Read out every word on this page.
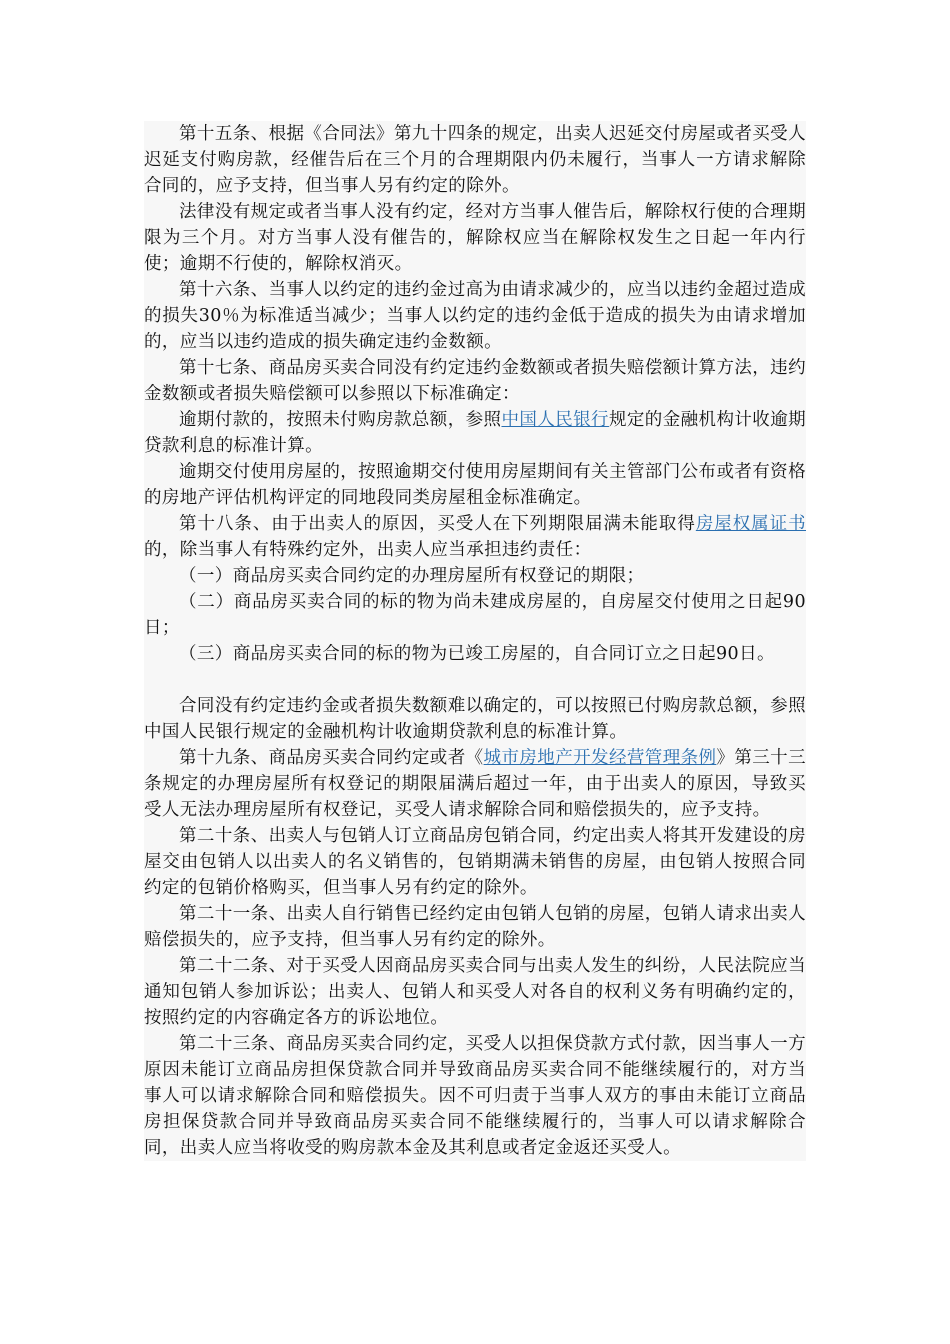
第十五条、根据《合同法》第九十四条的规定，出卖人迟延交付房屋或者买受人迟延支付购房款，经催告后在三个月的合理期限内仍未履行，当事人一方请求解除合同的，应予支持，但当事人另有约定的除外。

法律没有规定或者当事人没有约定，经对方当事人催告后，解除权行使的合理期限为三个月。对方当事人没有催告的，解除权应当在解除权发生之日起一年内行使；逾期不行使的，解除权消灭。

第十六条、当事人以约定的违约金过高为由请求减少的，应当以违约金超过造成的损失30％为标准适当减少；当事人以约定的违约金低于造成的损失为由请求增加的，应当以违约造成的损失确定违约金数额。

第十七条、商品房买卖合同没有约定违约金数额或者损失赔偿额计算方法，违约金数额或者损失赔偿额可以参照以下标准确定：

逾期付款的，按照未付购房款总额，参照中国人民银行规定的金融机构计收逾期贷款利息的标准计算。

逾期交付使用房屋的，按照逾期交付使用房屋期间有关主管部门公布或者有资格的房地产评估机构评定的同地段同类房屋租金标准确定。

第十八条、由于出卖人的原因，买受人在下列期限届满未能取得房屋权属证书的，除当事人有特殊约定外，出卖人应当承担违约责任：

（一）商品房买卖合同约定的办理房屋所有权登记的期限；

（二）商品房买卖合同的标的物为尚未建成房屋的，自房屋交付使用之日起90日；

（三）商品房买卖合同的标的物为已竣工房屋的，自合同订立之日起90日。

合同没有约定违约金或者损失数额难以确定的，可以按照已付购房款总额，参照中国人民银行规定的金融机构计收逾期贷款利息的标准计算。

第十九条、商品房买卖合同约定或者《城市房地产开发经营管理条例》第三十三条规定的办理房屋所有权登记的期限届满后超过一年，由于出卖人的原因，导致买受人无法办理房屋所有权登记，买受人请求解除合同和赔偿损失的，应予支持。

第二十条、出卖人与包销人订立商品房包销合同，约定出卖人将其开发建设的房屋交由包销人以出卖人的名义销售的，包销期满未销售的房屋，由包销人按照合同约定的包销价格购买，但当事人另有约定的除外。

第二十一条、出卖人自行销售已经约定由包销人包销的房屋，包销人请求出卖人赔偿损失的，应予支持，但当事人另有约定的除外。

第二十二条、对于买受人因商品房买卖合同与出卖人发生的纠纷，人民法院应当通知包销人参加诉讼；出卖人、包销人和买受人对各自的权利义务有明确约定的，按照约定的内容确定各方的诉讼地位。

第二十三条、商品房买卖合同约定，买受人以担保贷款方式付款，因当事人一方原因未能订立商品房担保贷款合同并导致商品房买卖合同不能继续履行的，对方当事人可以请求解除合同和赔偿损失。因不可归责于当事人双方的事由未能订立商品房担保贷款合同并导致商品房买卖合同不能继续履行的，当事人可以请求解除合同，出卖人应当将收受的购房款本金及其利息或者定金返还买受人。
